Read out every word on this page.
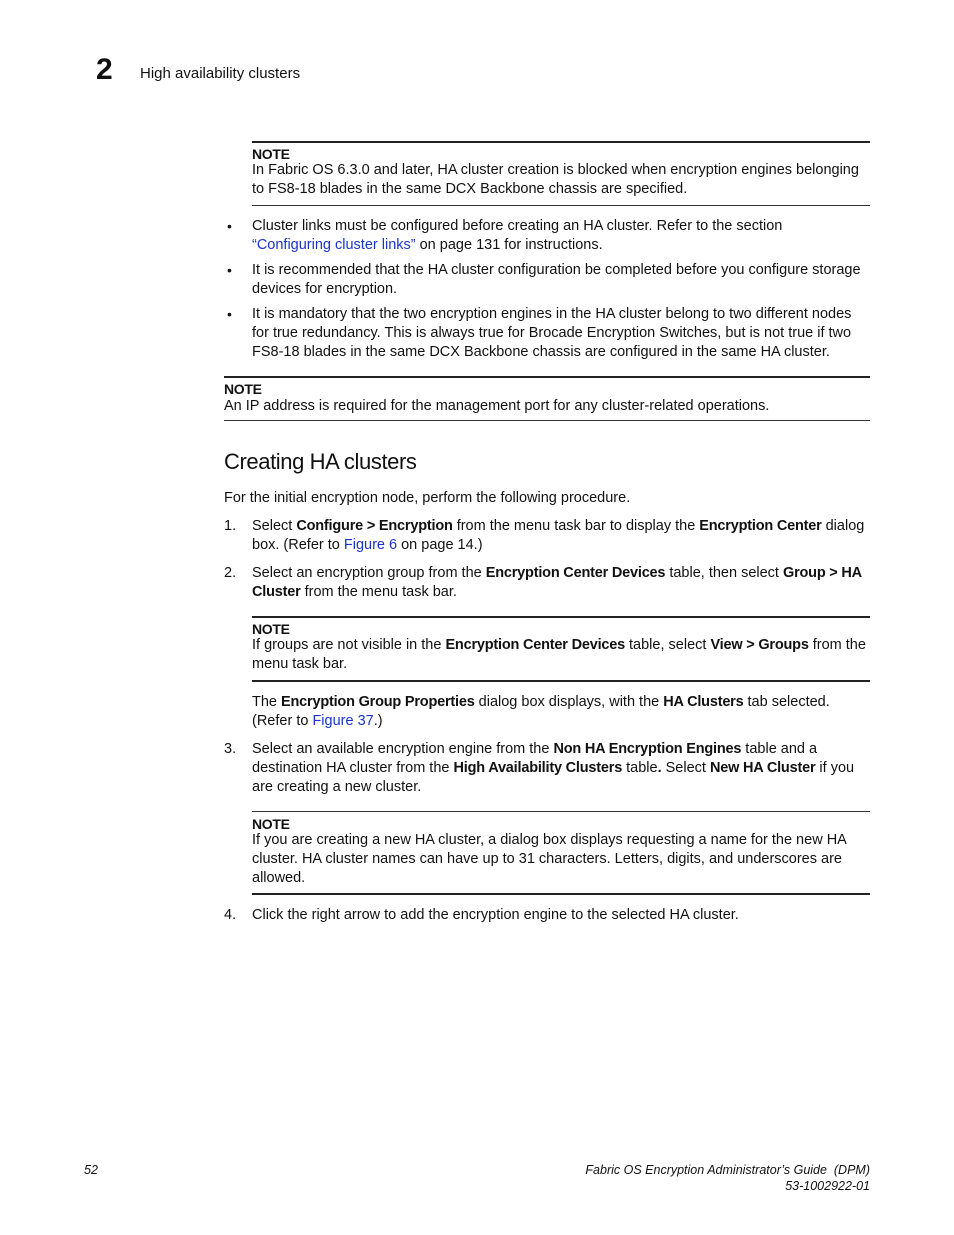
2 High availability clusters
NOTE
In Fabric OS 6.3.0 and later, HA cluster creation is blocked when encryption engines belonging to FS8-18 blades in the same DCX Backbone chassis are specified.
• Cluster links must be configured before creating an HA cluster. Refer to the section
“Configuring cluster links” on page 131 for instructions.
• It is recommended that the HA cluster configuration be completed before you configure storage devices for encryption.
• It is mandatory that the two encryption engines in the HA cluster belong to two different nodes for true redundancy. This is always true for Brocade Encryption Switches, but is not true if two FS8-18 blades in the same DCX Backbone chassis are configured in the same HA cluster.
NOTE
An IP address is required for the management port for any cluster-related operations.
Creating HA clusters
For the initial encryption node, perform the following procedure.
1. Select Configure > Encryption from the menu task bar to display the Encryption Center dialog box. (Refer to Figure 6 on page 14.)
2. Select an encryption group from the Encryption Center Devices table, then select Group > HA Cluster from the menu task bar.
NOTE
If groups are not visible in the Encryption Center Devices table, select View > Groups from the menu task bar.
The Encryption Group Properties dialog box displays, with the HA Clusters tab selected. (Refer to Figure 37.)
3. Select an available encryption engine from the Non HA Encryption Engines table and a destination HA cluster from the High Availability Clusters table. Select New HA Cluster if you are creating a new cluster.
NOTE
If you are creating a new HA cluster, a dialog box displays requesting a name for the new HA cluster. HA cluster names can have up to 31 characters. Letters, digits, and underscores are allowed.
4. Click the right arrow to add the encryption engine to the selected HA cluster.
52	Fabric OS Encryption Administrator’s Guide  (DPM)
53-1002922-01
